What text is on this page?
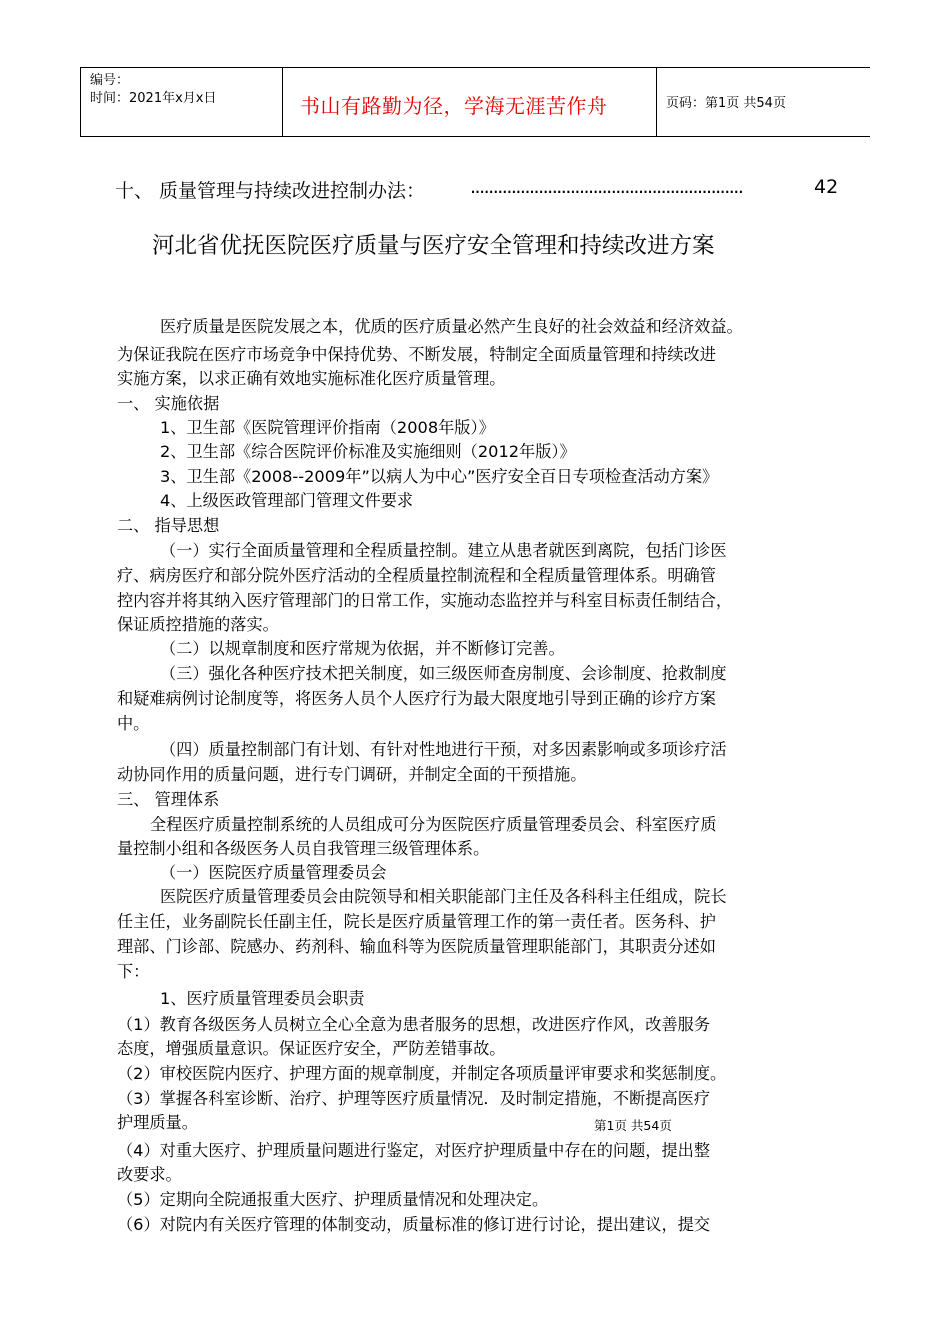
编号：
时间：2021年x月x日	书山有路勤为径，学海无涯苦作舟	页码：第1页 共54页
十、 质量管理与持续改进控制办法： ............................................................	42
河北省优抚医院医疗质量与医疗安全管理和持续改进方案
医疗质量是医院发展之本，优质的医疗质量必然产生良好的社会效益和经济效益。
为保证我院在医疗市场竞争中保持优势、不断发展，特制定全面质量管理和持续改进
实施方案，以求正确有效地实施标准化医疗质量管理。
一、 实施依据
1、卫生部《医院管理评价指南（2008年版）》
2、卫生部《综合医院评价标准及实施细则（2012年版）》
3、卫生部《2008--2009年”以病人为中心”医疗安全百日专项检查活动方案》
4、上级医政管理部门管理文件要求
二、 指导思想
（一）实行全面质量管理和全程质量控制。建立从患者就医到离院，包括门诊医
疗、病房医疗和部分院外医疗活动的全程质量控制流程和全程质量管理体系。明确管
控内容并将其纳入医疗管理部门的日常工作，实施动态监控并与科室目标责任制结合，
保证质控措施的落实。
（二）以规章制度和医疗常规为依据，并不断修订完善。
（三）强化各种医疗技术把关制度，如三级医师查房制度、会诊制度、抢救制度
和疑难病例讨论制度等，将医务人员个人医疗行为最大限度地引导到正确的诊疗方案
中。
（四）质量控制部门有计划、有针对性地进行干预，对多因素影响或多项诊疗活
动协同作用的质量问题，进行专门调研，并制定全面的干预措施。
三、 管理体系
全程医疗质量控制系统的人员组成可分为医院医疗质量管理委员会、科室医疗质
量控制小组和各级医务人员自我管理三级管理体系。
（一）医院医疗质量管理委员会
医院医疗质量管理委员会由院领导和相关职能部门主任及各科科主任组成，院长
任主任，业务副院长任副主任，院长是医疗质量管理工作的第一责任者。医务科、护
理部、门诊部、院感办、药剂科、输血科等为医院质量管理职能部门，其职责分述如
下：
1、医疗质量管理委员会职责
（1）教育各级医务人员树立全心全意为患者服务的思想，改进医疗作风，改善服务
态度，增强质量意识。保证医疗安全，严防差错事故。
（2）审校医院内医疗、护理方面的规章制度，并制定各项质量评审要求和奖惩制度。
（3）掌握各科室诊断、治疗、护理等医疗质量情况．及时制定措施，不断提高医疗
护理质量。	第1页 共54页
（4）对重大医疗、护理质量问题进行鉴定，对医疗护理质量中存在的问题，提出整
改要求。
（5）定期向全院通报重大医疗、护理质量情况和处理决定。
（6）对院内有关医疗管理的体制变动，质量标准的修订进行讨论，提出建议，提交
